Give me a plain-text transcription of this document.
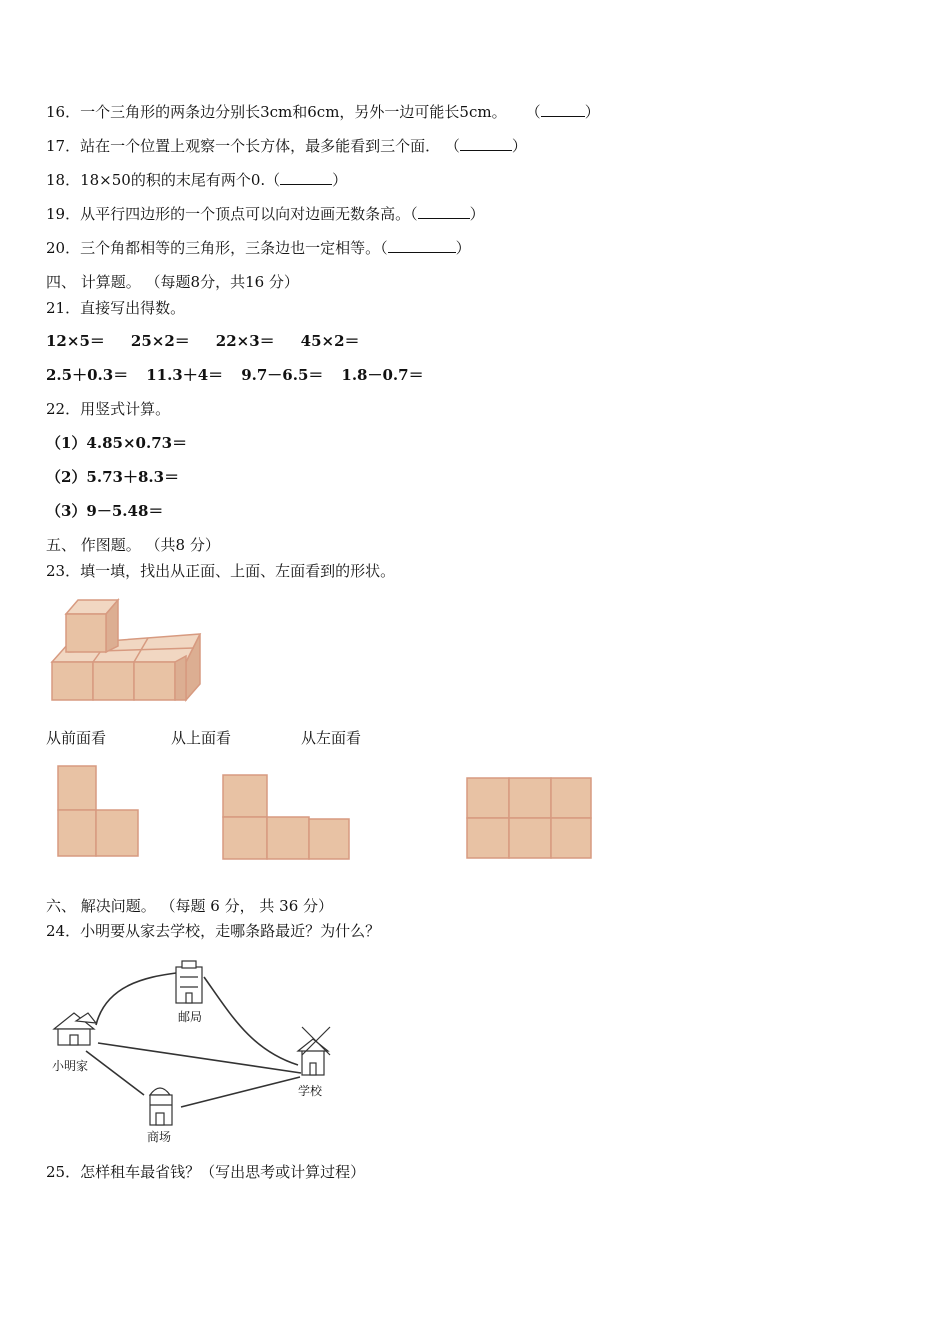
16．一个三角形的两条边分别长3cm和6cm，另外一边可能长5cm。 （	）
17．站在一个位置上观察一个长方体，最多能看到三个面． （	）
18．18×50的积的末尾有两个0.（	）
19．从平行四边形的一个顶点可以向对边画无数条高。（	）
20．三个角都相等的三角形，三条边也一定相等。（	）
四、 计算题。 （每题8分，共16 分）
21．直接写出得数。
12×5＝ 25×2＝ 22×3＝ 45×2＝
2.5＋0.3＝ 11.3＋4＝ 9.7－6.5＝ 1.8－0.7＝
22．用竖式计算。
（1）4.85×0.73＝
（2）5.73＋8.3＝
（3）9－5.48＝
五、 作图题。 （共8 分）
23．填一填，找出从正面、上面、左面看到的形状。
从前面看	从上面看	从左面看
六、 解决问题。 （每题 6 分， 共 36 分）
24．小明要从家去学校，走哪条路最近？为什么？
小明家
邮局
学校
商场
25．怎样租车最省钱？（写出思考或计算过程）
